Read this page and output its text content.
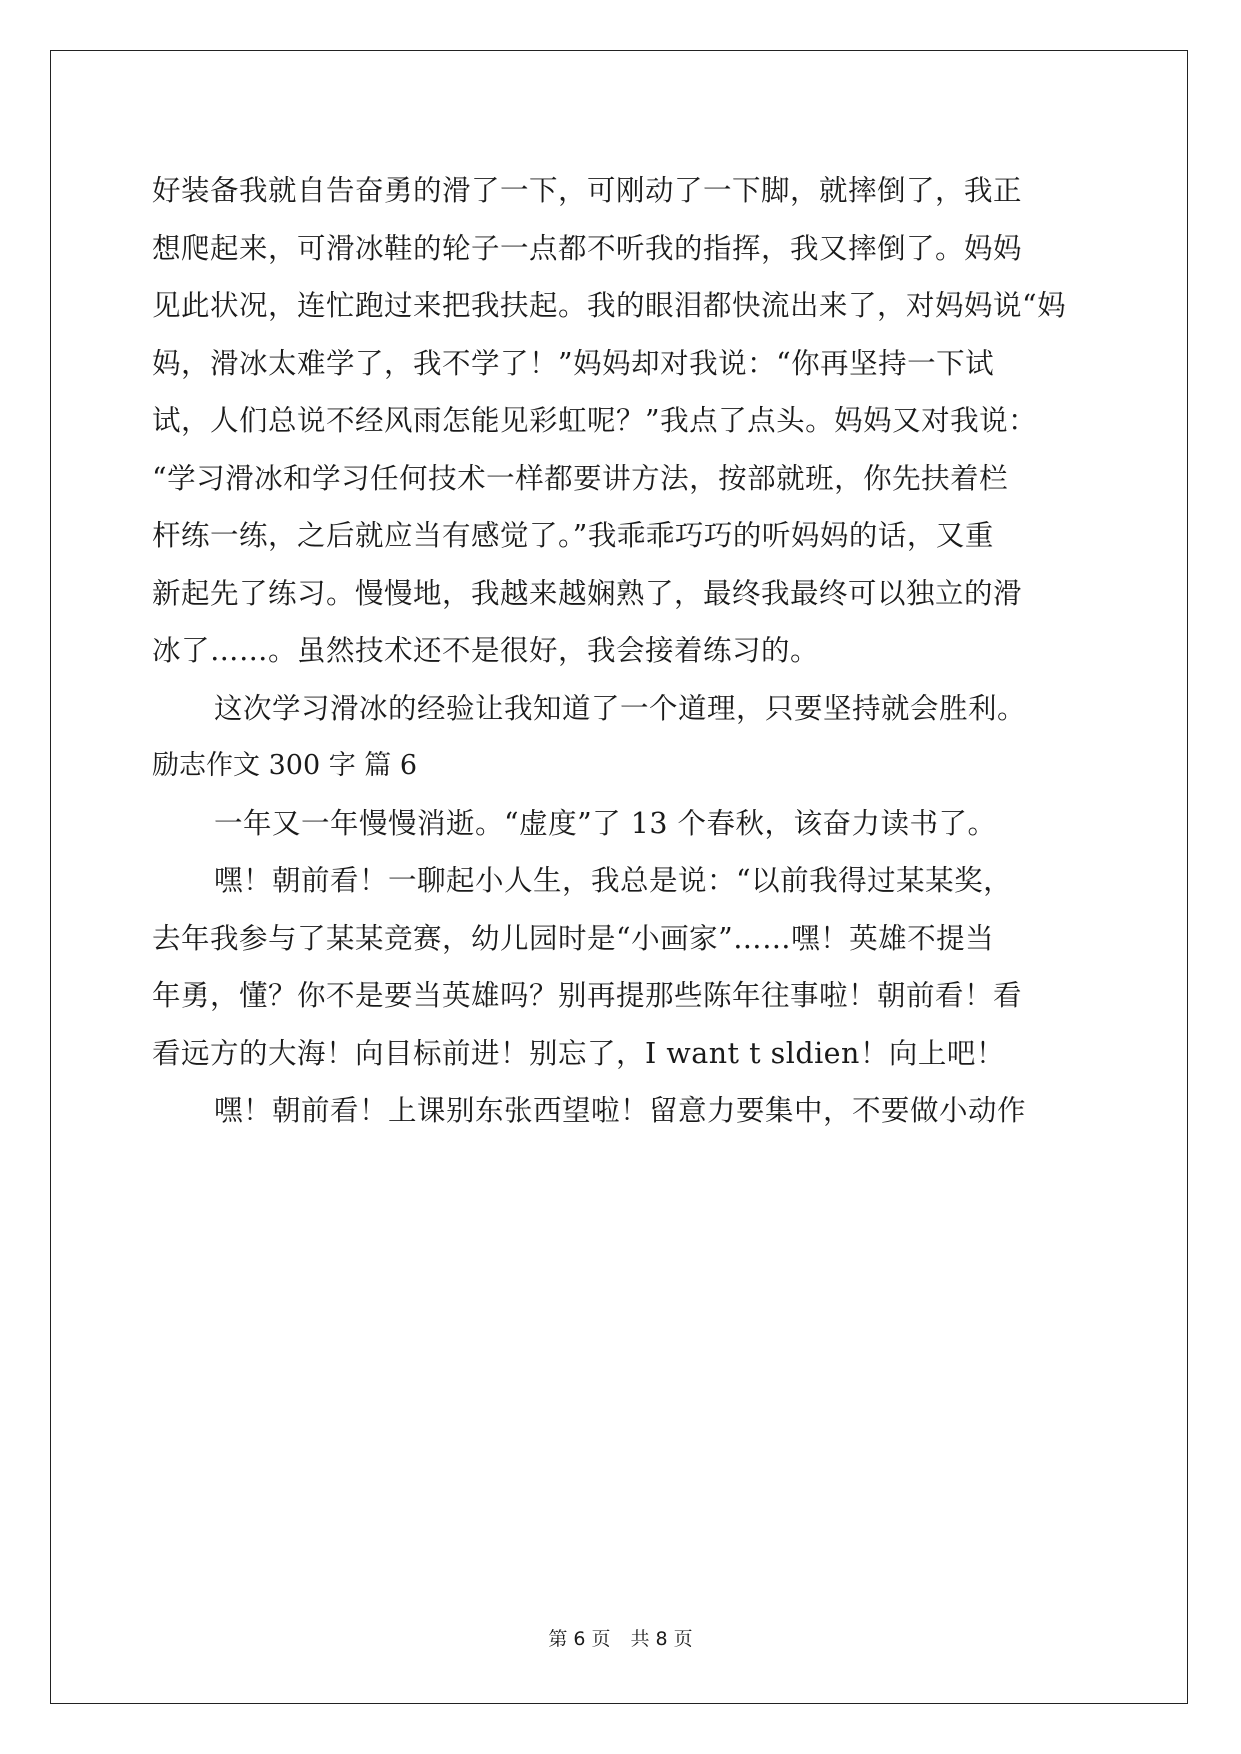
好装备我就自告奋勇的滑了一下，可刚动了一下脚，就摔倒了，我正
想爬起来，可滑冰鞋的轮子一点都不听我的指挥，我又摔倒了。妈妈
见此状况，连忙跑过来把我扶起。我的眼泪都快流出来了，对妈妈说“妈
妈，滑冰太难学了，我不学了！”妈妈却对我说：“你再坚持一下试
试，人们总说不经风雨怎能见彩虹呢？”我点了点头。妈妈又对我说：
“学习滑冰和学习任何技术一样都要讲方法，按部就班，你先扶着栏
杆练一练，之后就应当有感觉了。”我乖乖巧巧的听妈妈的话，又重
新起先了练习。慢慢地，我越来越娴熟了，最终我最终可以独立的滑
冰了……。虽然技术还不是很好，我会接着练习的。
这次学习滑冰的经验让我知道了一个道理，只要坚持就会胜利。
励志作文 300 字 篇 6
一年又一年慢慢消逝。“虚度”了 13 个春秋，该奋力读书了。
嘿！朝前看！一聊起小人生，我总是说：“以前我得过某某奖，
去年我参与了某某竞赛，幼儿园时是“小画家”……嘿！英雄不提当
年勇，懂？你不是要当英雄吗？别再提那些陈年往事啦！朝前看！看
看远方的大海！向目标前进！别忘了，I want t sldien！向上吧！
嘿！朝前看！上课别东张西望啦！留意力要集中，不要做小动作
第 6 页 共 8 页
